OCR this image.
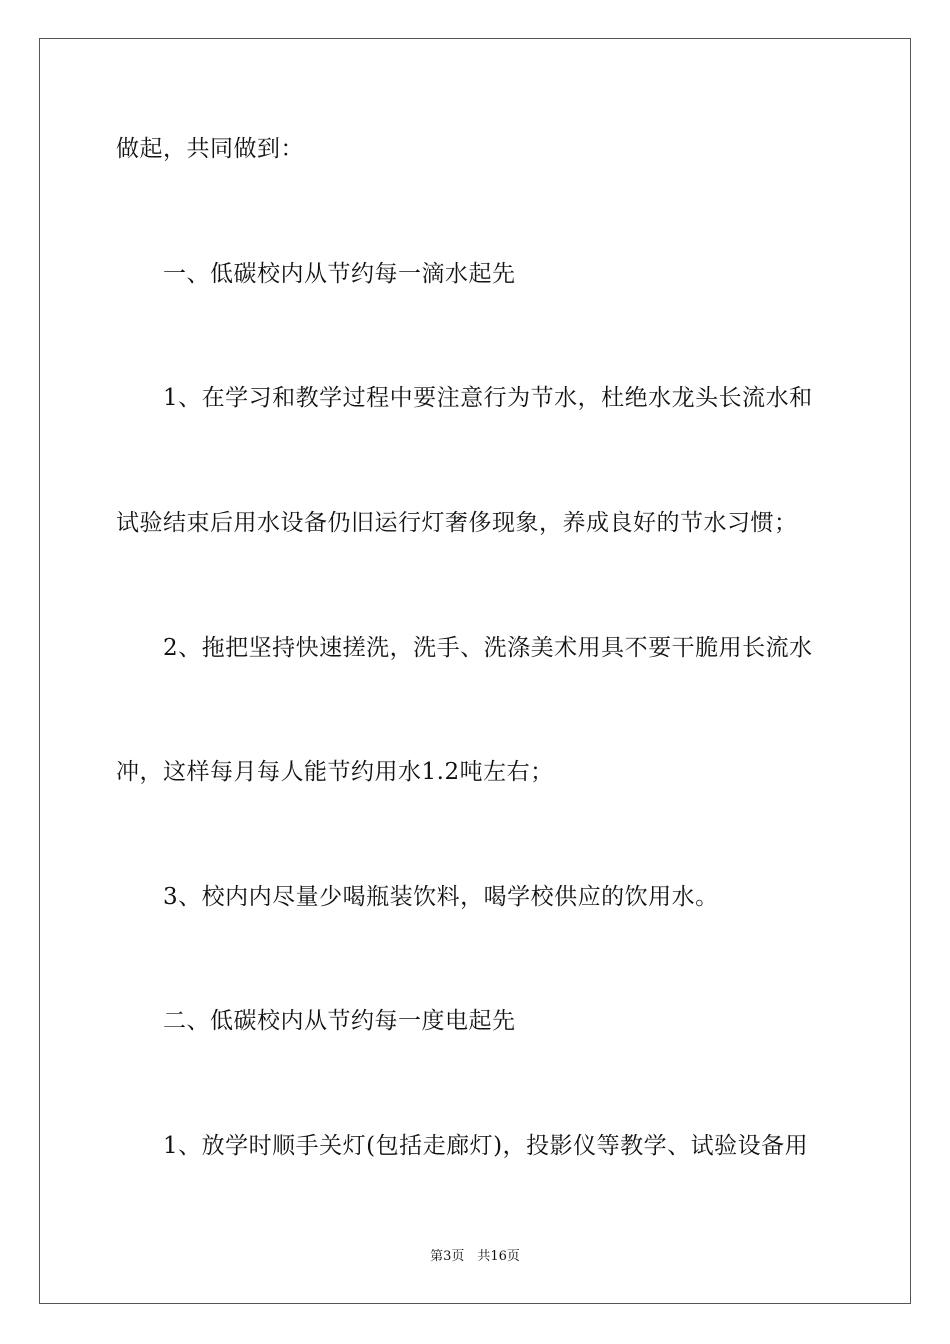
做起，共同做到：
一、低碳校内从节约每一滴水起先
1、在学习和教学过程中要注意行为节水，杜绝水龙头长流水和
试验结束后用水设备仍旧运行灯奢侈现象，养成良好的节水习惯；
2、拖把坚持快速搓洗，洗手、洗涤美术用具不要干脆用长流水
冲，这样每月每人能节约用水1.2吨左右；
3、校内内尽量少喝瓶装饮料，喝学校供应的饮用水。
二、低碳校内从节约每一度电起先
1、放学时顺手关灯(包括走廊灯)，投影仪等教学、试验设备用
第3页　共16页
